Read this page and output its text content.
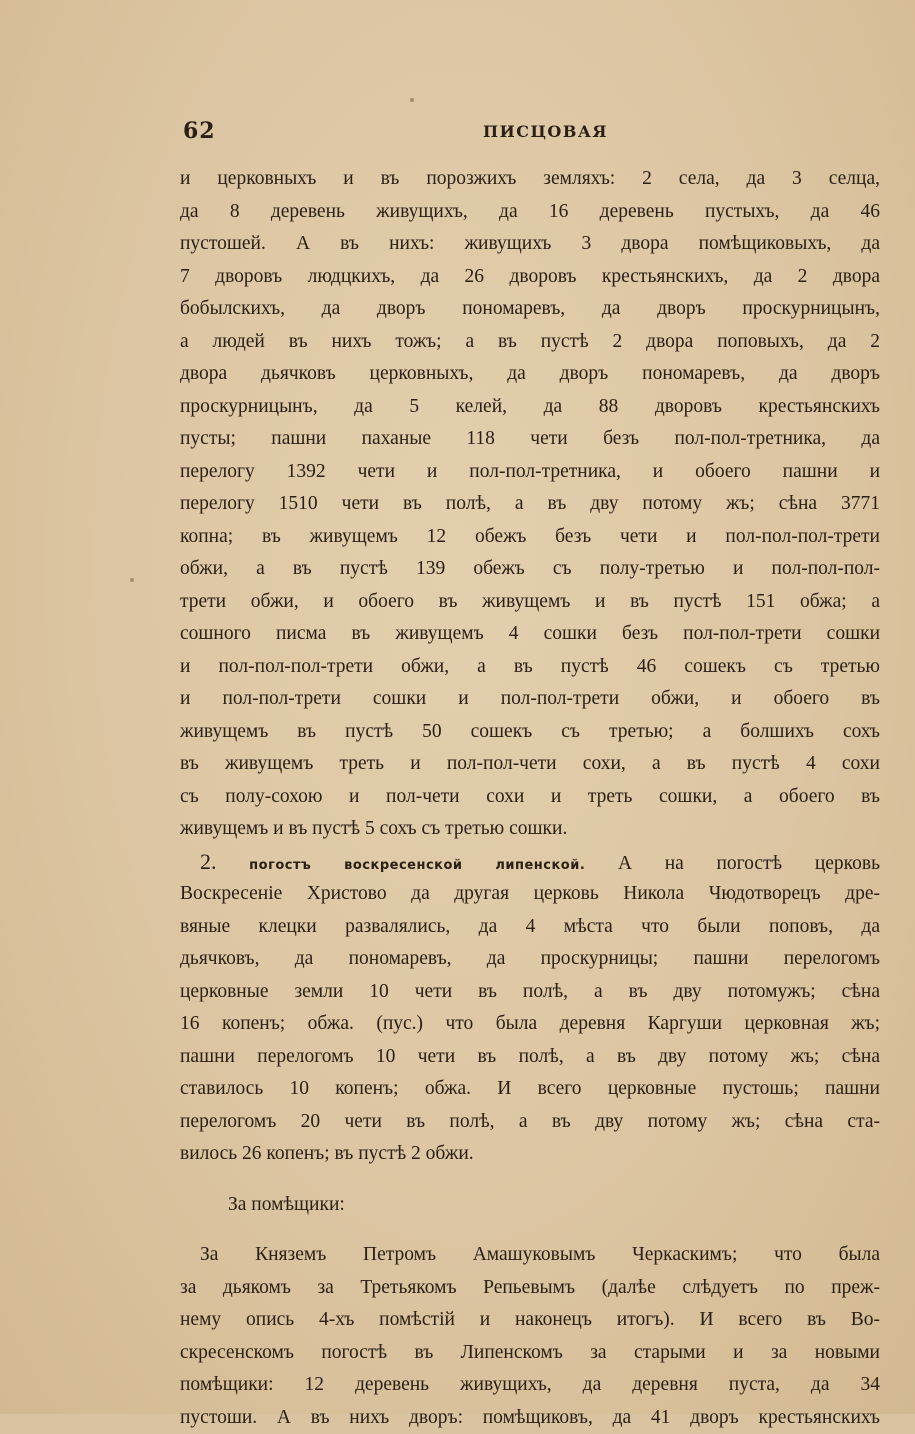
62	ПИСЦОВАЯ
и церковныхъ и въ порозжихъ земляхъ: 2 села, да 3 селца,
да 8 деревень живущихъ, да 16 деревень пустыхъ, да 46
пустошей. А въ нихъ: живущихъ 3 двора помѣщиковыхъ, да
7 дворовъ людцкихъ, да 26 дворовъ крестьянскихъ, да 2 двора
бобылскихъ, да дворъ пономаревъ, да дворъ проскурницынъ,
а людей въ нихъ тожъ; а въ пустѣ 2 двора поповыхъ, да 2
двора дьячковъ церковныхъ, да дворъ пономаревъ, да дворъ
проскурницынъ, да 5 келей, да 88 дворовъ крестьянскихъ
пусты; пашни паханые 118 чети безъ пол-пол-третника, да
перелогу 1392 чети и пол-пол-третника, и обоего пашни и
перелогу 1510 чети въ полѣ, а въ дву потому жъ; сѣна 3771
копна; въ живущемъ 12 обежъ безъ чети и пол-пол-пол-трети
обжи, а въ пустѣ 139 обежъ съ полу-третью и пол-пол-пол-
трети обжи, и обоего въ живущемъ и въ пустѣ 151 обжа; а
сошного писма въ живущемъ 4 сошки безъ пол-пол-трети сошки
и пол-пол-пол-трети обжи, а въ пустѣ 46 сошекъ съ третью
и пол-пол-трети сошки и пол-пол-трети обжи, и обоего въ
живущемъ въ пустѣ 50 сошекъ съ третью; а болшихъ сохъ
въ живущемъ треть и пол-пол-чети сохи, а въ пустѣ 4 сохи
съ полу-сохою и пол-чети сохи и треть сошки, а обоего въ
живущемъ и въ пустѣ 5 сохъ съ третью сошки.
2.	погостъ воскресенской липенской. А на погостѣ церковь
Воскресеніе Христово да другая церковь Никола Чюдотворецъ дре-
вяные клецки развалялись, да 4 мѣста что были поповъ, да
дьячковъ, да пономаревъ, да проскурницы; пашни перелогомъ
церковные земли 10 чети въ полѣ, а въ дву потомужъ; сѣна
16 копенъ; обжа. (пус.) что была деревня Каргуши церковная жъ;
пашни перелогомъ 10 чети въ полѣ, а въ дву потому жъ; сѣна
ставилось 10 копенъ; обжа. И всего церковные пустошь; пашни
перелогомъ 20 чети въ полѣ, а въ дву потому жъ; сѣна ста-
вилось 26 копенъ; въ пустѣ 2 обжи.
За помѣщики:
За Княземъ Петромъ Амашуковымъ Черкаскимъ; что была
за дьякомъ за Третьякомъ Репьевымъ (далѣе слѣдуетъ по преж-
нему опись 4-хъ помѣстій и наконецъ итогъ). И всего въ Во-
скресенскомъ погостѣ въ Липенскомъ за старыми и за новыми
помѣщики: 12 деревень живущихъ, да деревня пуста, да 34
пустоши. А въ нихъ дворъ: помѣщиковъ, да 41 дворъ крестьянскихъ
